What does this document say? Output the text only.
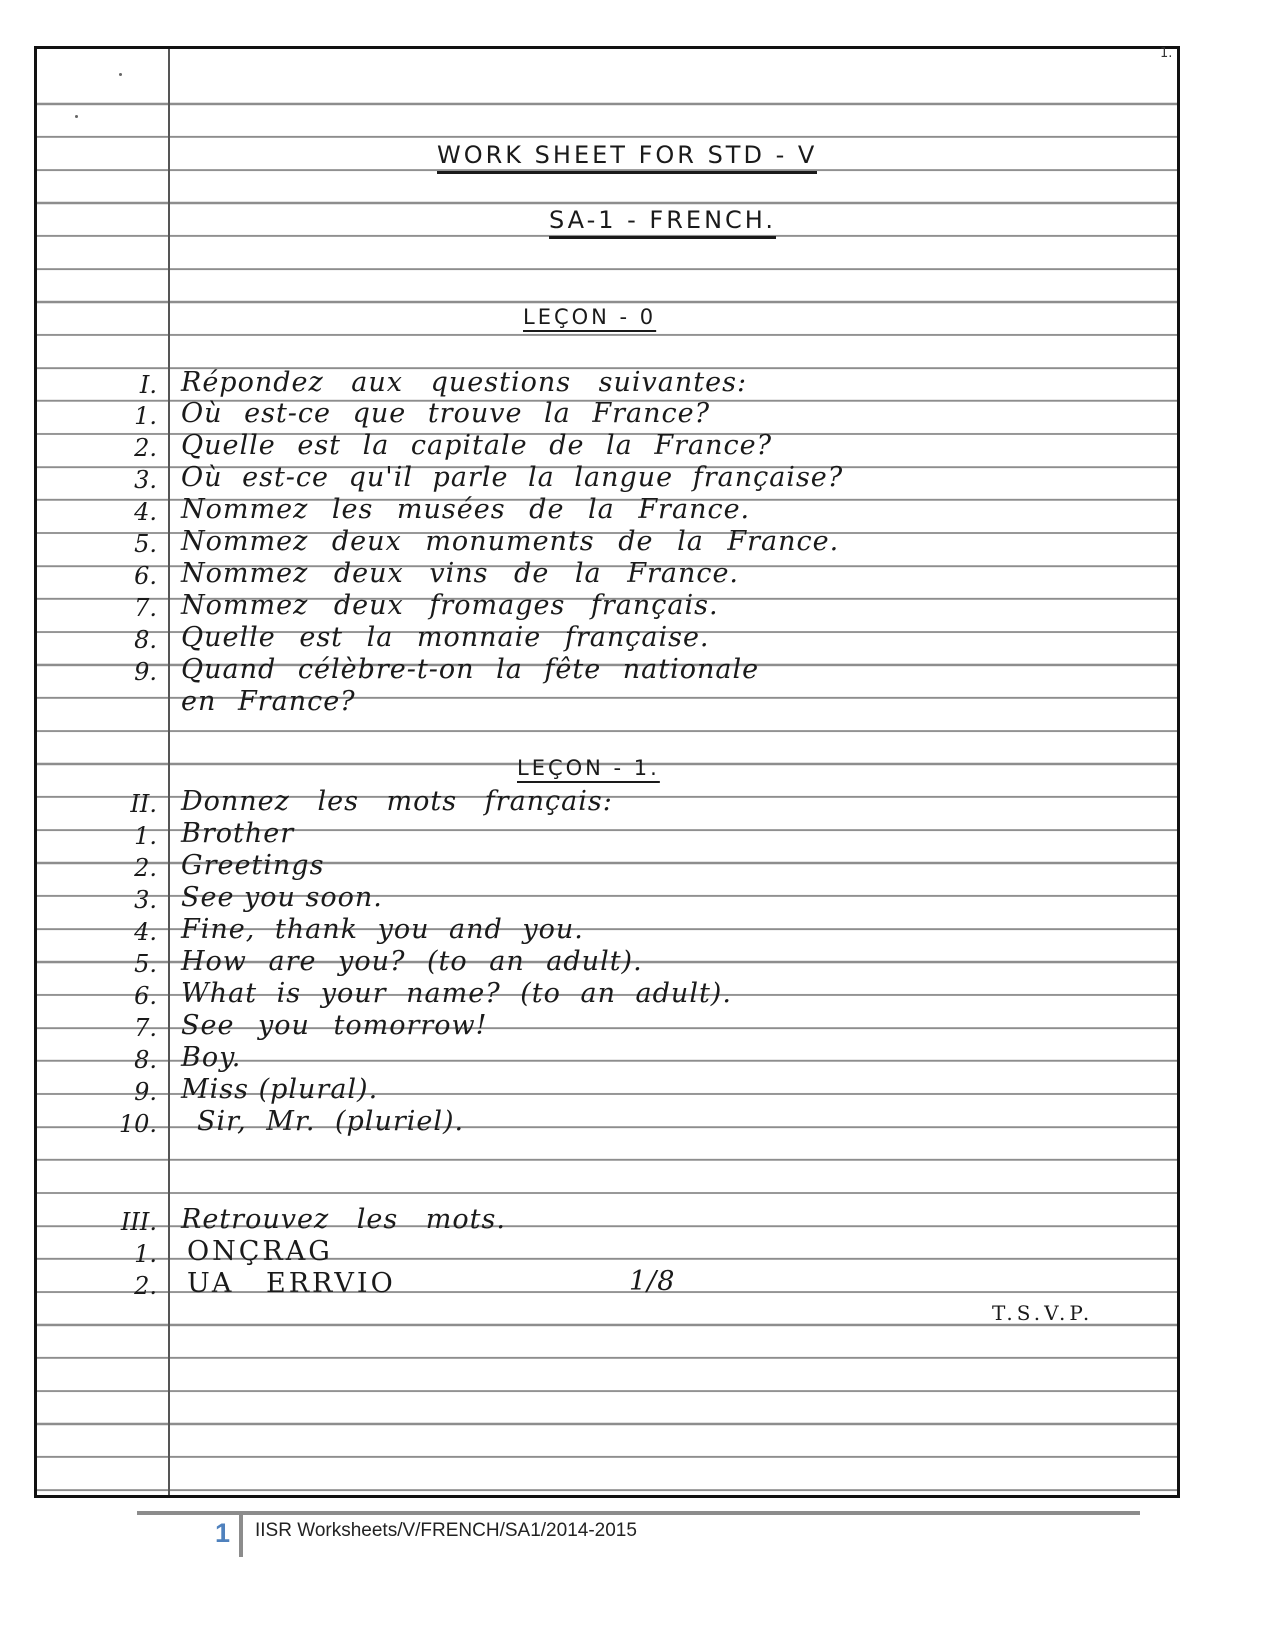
WORK SHEET FOR STD - V
SA-1 - FRENCH.
LEÇON - 0
I. Répondez aux questions suivantes:
1. Où est-ce que trouve la France?
2. Quelle est la capitale de la France?
3. Où est-ce qu'il parle la langue française?
4. Nommez les musées de la France.
5. Nommez deux monuments de la France.
6. Nommez deux vins de la France.
7. Nommez deux fromages français.
8. Quelle est la monnaie française.
9. Quand célèbre-t-on la fête nationale
en France?
LEÇON - 1.
II. Donnez les mots français:
1. Brother
2. Greetings
3. See you soon.
4. Fine, thank you and you.
5. How are you? (to an adult).
6. What is your name? (to an adult).
7. See you tomorrow!
8. Boy.
9. Miss (plural).
10. Sir, Mr. (pluriel).
III. Retrouvez les mots.
1. ONÇRAG
2. UA ERRVIO	1/8
T.S.V.P.
1.
1 IISR Worksheets/V/FRENCH/SA1/2014-2015
